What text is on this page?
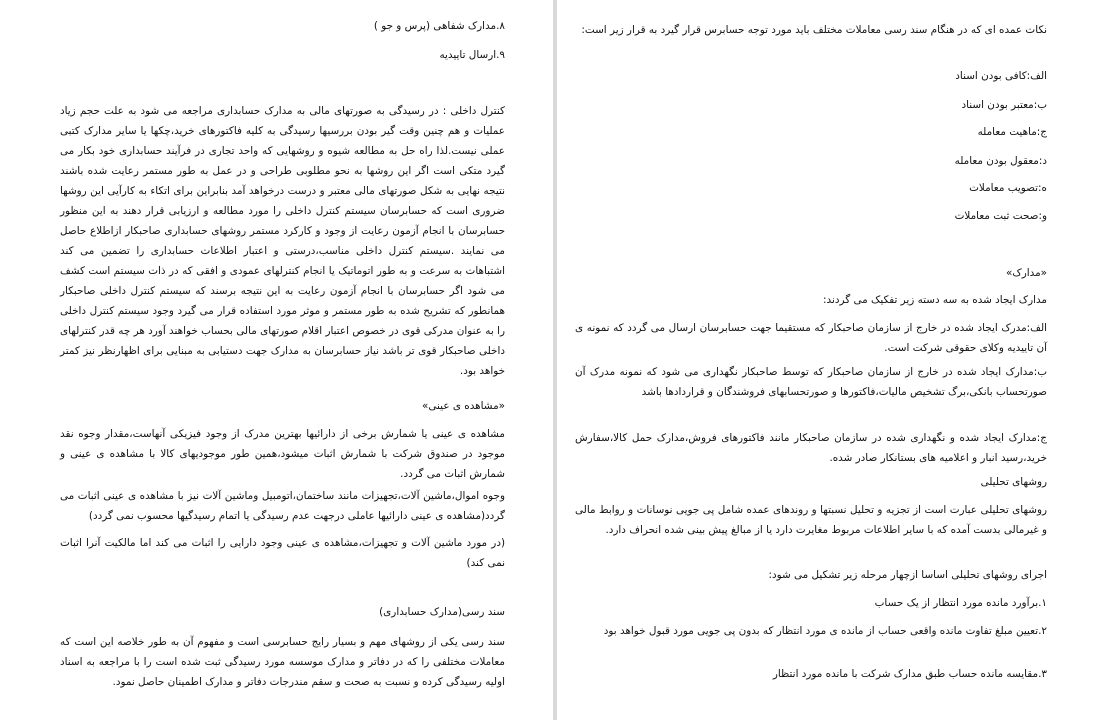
۸.مدارک شفاهی (پرس و جو )

۹.ارسال تاییدیه

کنترل داخلی : در رسیدگی به صورتهای مالی به مدارک حسابداری مراجعه می شود به علت حجم زیاد عملیات و هم چنین وقت گیر بودن بررسیها رسیدگی به کلیه فاکتورهای خرید،چکها یا سایر مدارک کتبی عملی نیست.لذا راه حل به مطالعه شیوه و روشهایی که واحد تجاری در فرآیند حسابداری خود بکار می گیرد متکی است اگر این روشها به نحو مطلوبی طراحی و در عمل به طور مستمر رعایت شده باشند نتیجه نهایی به شکل صورتهای مالی معتبر و درست درخواهد آمد بنابراین برای اتکاء به کارآیی این روشها ضروری است که حسابرسان سیستم کنترل داخلی را مورد مطالعه و ارزیابی قرار دهند به این منظور حسابرسان با انجام آزمون رعایت از وجود و کارکرد مستمر روشهای حسابداری صاحبکار ازاطلاع حاصل می نمایند .سیستم کنترل داخلی مناسب،درستی و اعتبار اطلاعات حسابداری را تضمین می کند اشتباهات به سرعت و به طور اتوماتیک یا انجام کنترلهای عمودی و افقی که در ذات سیستم است کشف می شود اگر حسابرسان با انجام آزمون رعایت به این نتیجه برسند که سیستم کنترل داخلی صاحبکار همانطور که تشریح شده به طور مستمر و موثر مورد استفاده قرار می گیرد وجود سیستم کنترل داخلی را به عنوان مدرکی قوی در خصوص اعتبار اقلام صورتهای مالی بحساب خواهند آورد هر چه قدر کنترلهای داخلی صاحبکار قوی تر باشد نیاز حسابرسان به مدارک جهت دستیابی به مبنایی برای اظهارنظر نیز کمتر خواهد بود.

«مشاهده ی عینی»

مشاهده ی عینی یا شمارش برخی از دارائیها بهترین مدرک از وجود فیزیکی آنهاست،مقدار وجوه نقد موجود در صندوق شرکت با شمارش اثبات میشود،همین طور موجودیهای کالا با مشاهده ی عینی و شمارش اثبات می گردد.

وجوه اموال،ماشین آلات،تجهیزات مانند ساختمان،اتومبیل وماشین آلات نیز با مشاهده ی عینی اثبات می گردد(مشاهده ی عینی دارائیها عاملی درجهت عدم رسیدگی یا اتمام رسیدگیها محسوب نمی گردد)

(در مورد ماشین آلات و تجهیزات،مشاهده ی عینی وجود دارایی را اثبات می کند اما مالکیت آنرا اثبات نمی کند)

سند رسی(مدارک حسابداری)

سند رسی یکی از روشهای مهم و بسیار رایج حسابرسی است و مفهوم آن به طور خلاصه این است که معاملات مختلفی را که در دفاتر و مدارک موسسه مورد رسیدگی ثبت شده است را با مراجعه به اسناد اولیه رسیدگی کرده و نسبت به صحت و سقم مندرجات دفاتر و مدارک اطمینان حاصل نمود.

نکات عمده ای که در هنگام سند رسی معاملات مختلف باید مورد توجه حسابرس قرار گیرد به قرار زیر است:

الف:کافی بودن اسناد

ب:معتبر بودن اسناد

ج:ماهیت معامله

د:معقول بودن معامله

ه:تصویب معاملات

و:صحت ثبت معاملات

«مدارک»

مدارک ایجاد شده به سه دسته زیر تفکیک می گردند:

الف:مدرک ایجاد شده در خارج از سازمان صاحبکار که مستقیما جهت حسابرسان ارسال می گردد که نمونه ی آن تاییدیه وکلای حقوقی شرکت است.

ب:مدارک ایجاد شده در خارج از سازمان صاحبکار که توسط صاحبکار نگهداری می شود که نمونه مدرک آن صورتحساب بانکی،برگ تشخیص مالیات،فاکتورها و صورتحسابهای فروشندگان و قراردادها باشد

ج:مدارک ایجاد شده و نگهداری شده در سازمان صاحبکار مانند فاکتورهای فروش،مدارک حمل کالا،سفارش خرید،رسید انبار و اعلامیه های بستانکار صادر شده.

روشهای تحلیلی

روشهای تحلیلی عبارت است از تجزیه و تحلیل نسبتها و روندهای عمده شامل پی جویی نوسانات و روابط مالی و غیرمالی بدست آمده که با سایر اطلاعات مربوط مغایرت دارد یا از مبالغ پیش بینی شده انحراف دارد.

اجرای روشهای تحلیلی اساسا ازچهار مرحله زیر تشکیل می شود:

۱.برآورد مانده مورد انتظار از یک حساب

۲.تعیین مبلغ تفاوت مانده واقعی حساب از مانده ی مورد انتظار که بدون پی جویی مورد قبول خواهد بود

۳.مقایسه مانده حساب طبق مدارک شرکت با مانده مورد انتظار
